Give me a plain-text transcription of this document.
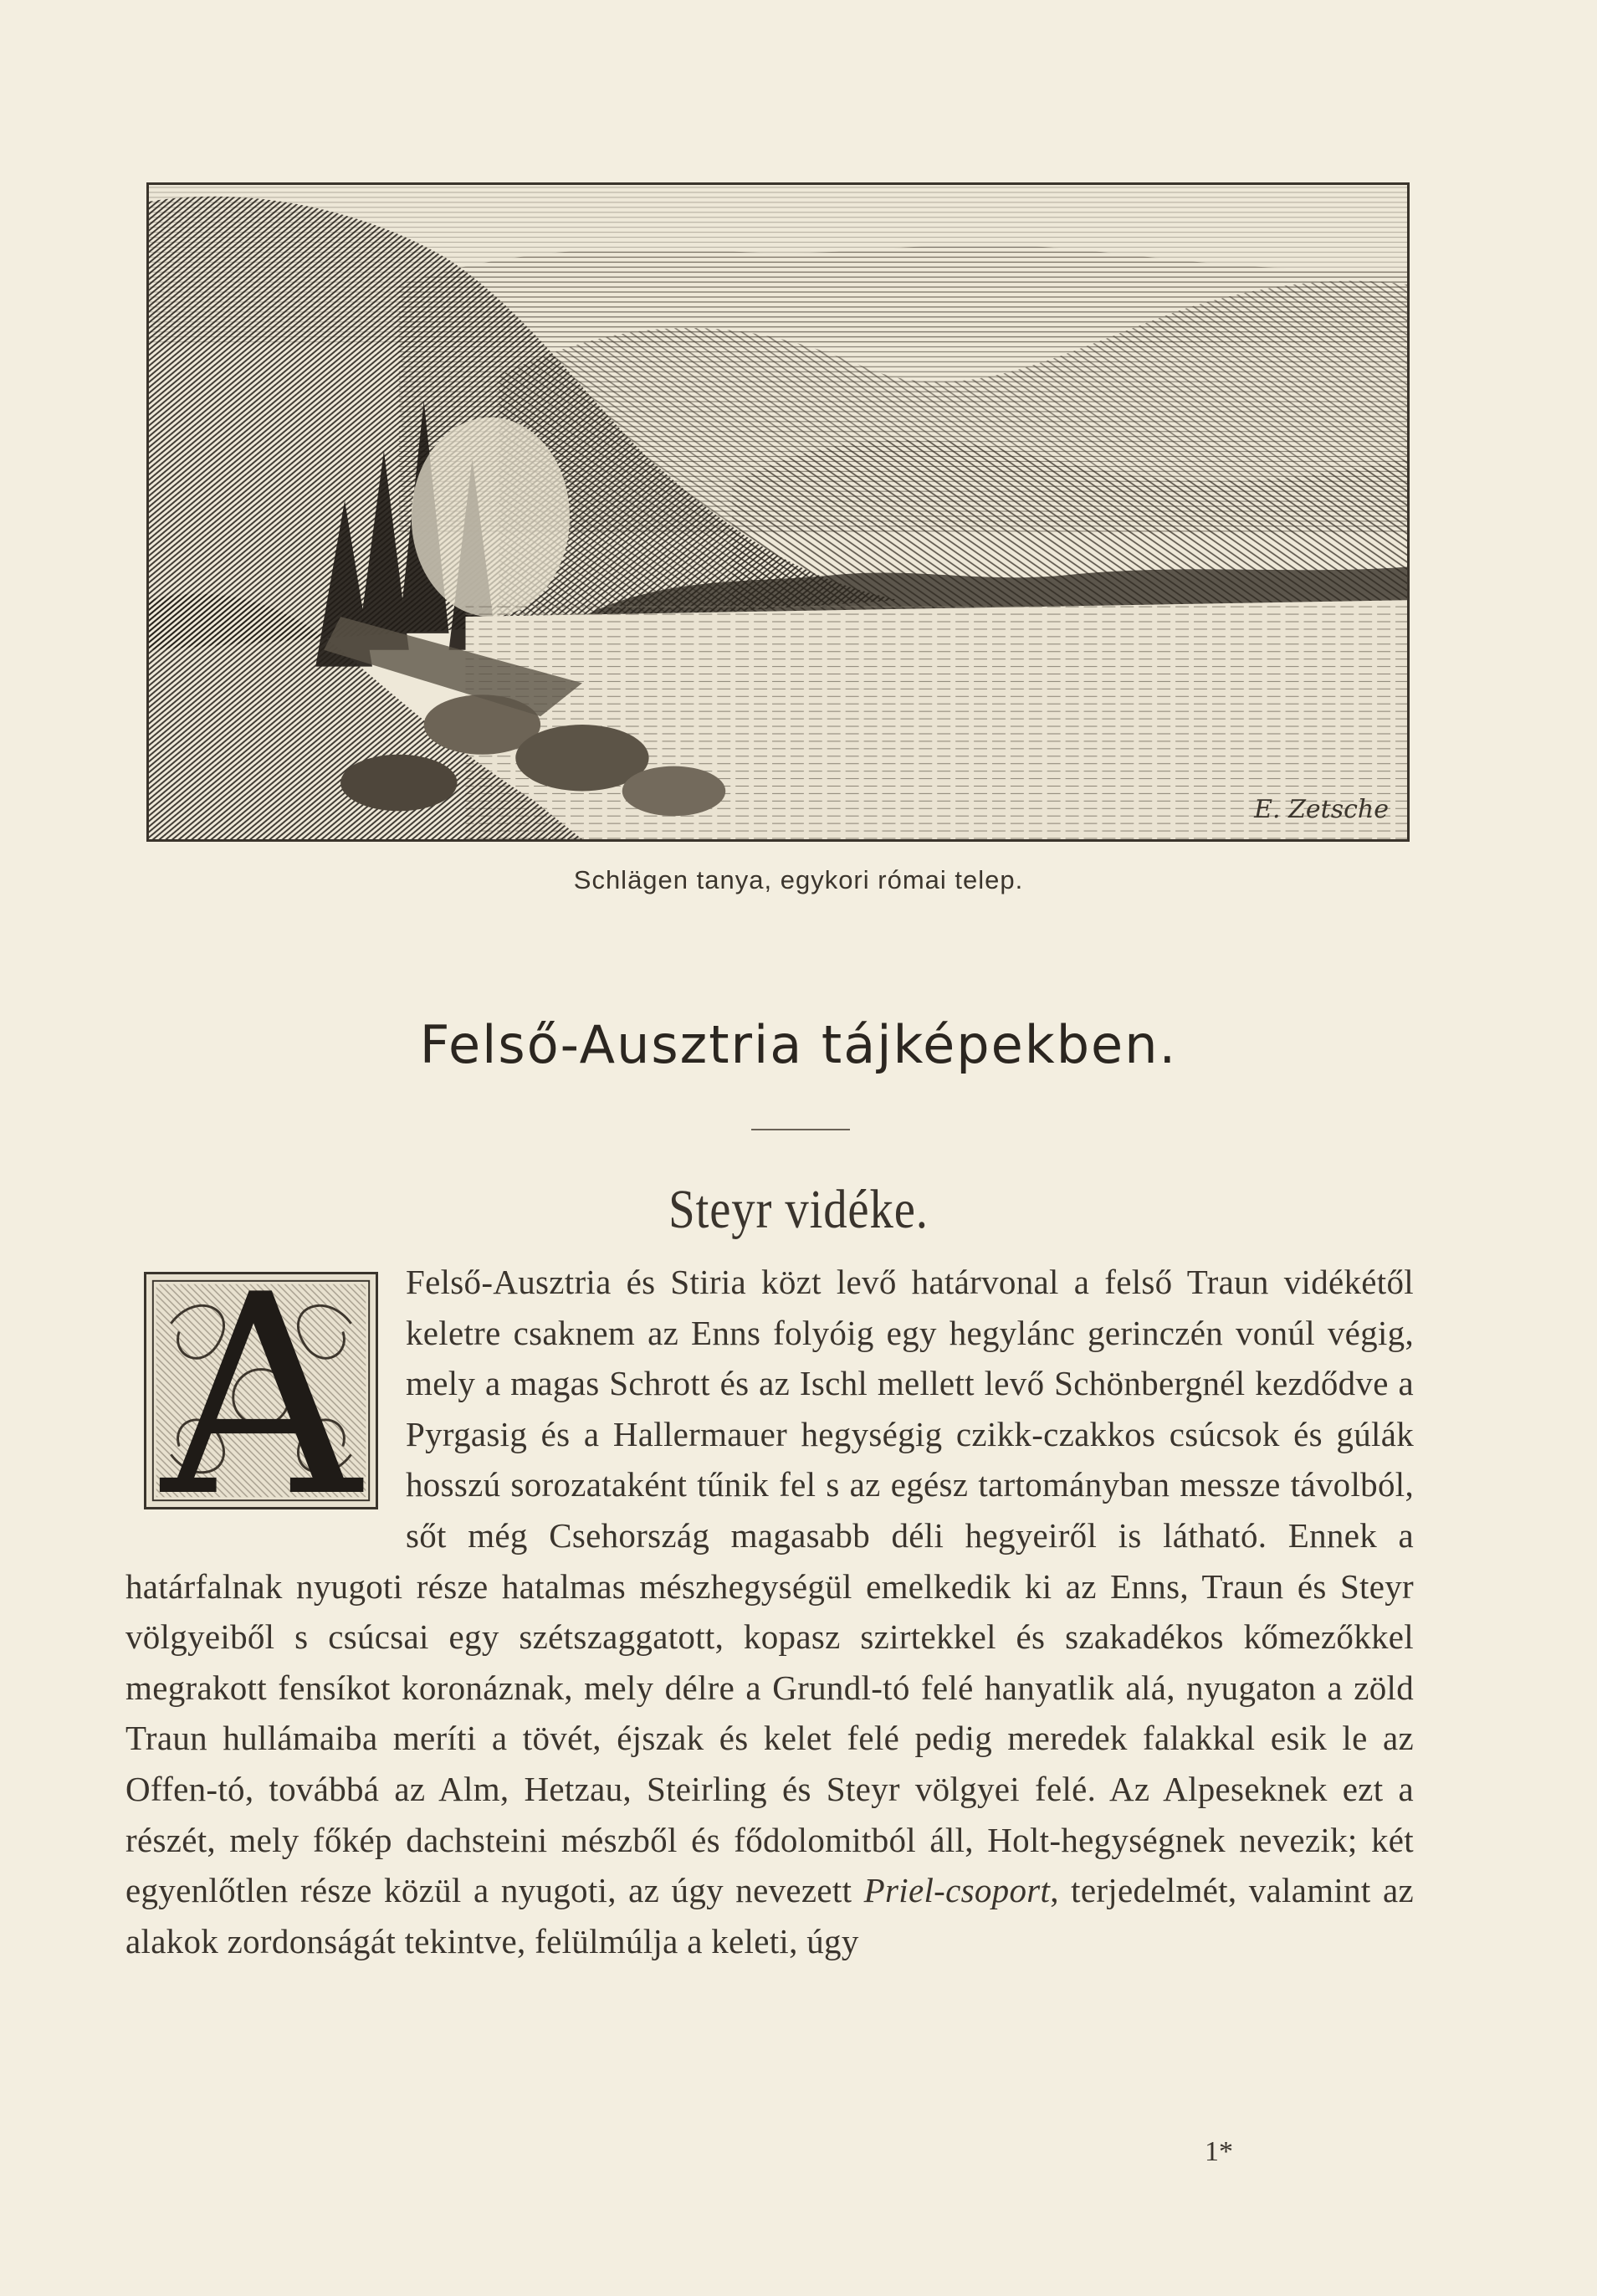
E. Zetsche
Schlägen tanya, egykori római telep.
Felső-Ausztria tájképekben.
Steyr vidéke.
A	Felső-Ausztria és Stiria közt levő határvonal a felső Traun vidékétől keletre csaknem az Enns folyóig egy hegylánc gerinczén vonúl végig, mely a magas Schrott és az Ischl mellett levő Schönbergnél kezdődve a Pyrgasig és a Hallermauer hegységig czikk-czakkos csúcsok és gúlák hosszú sorozataként tűnik fel s az egész tartományban messze távolból, sőt még Csehország magasabb déli hegyeiről is látható. Ennek a határfalnak nyugoti része hatalmas mészhegységül emelkedik ki az Enns, Traun és Steyr völgyeiből s csúcsai egy szétszaggatott, kopasz szirtekkel és szakadékos kőmezőkkel megrakott fensíkot koronáznak, mely délre a Grundl-tó felé hanyatlik alá, nyugaton a zöld Traun hullámaiba meríti a tövét, éjszak és kelet felé pedig meredek falakkal esik le az Offen-tó, továbbá az Alm, Hetzau, Steirling és Steyr völgyei felé. Az Alpeseknek ezt a részét, mely főkép dachsteini mészből és fődolomitból áll, Holt-hegységnek nevezik; két egyenlőtlen része közül a nyugoti, az úgy nevezett Priel-csoport, terjedelmét, valamint az alakok zordonságát tekintve, felülmúlja a keleti, úgy
1*
